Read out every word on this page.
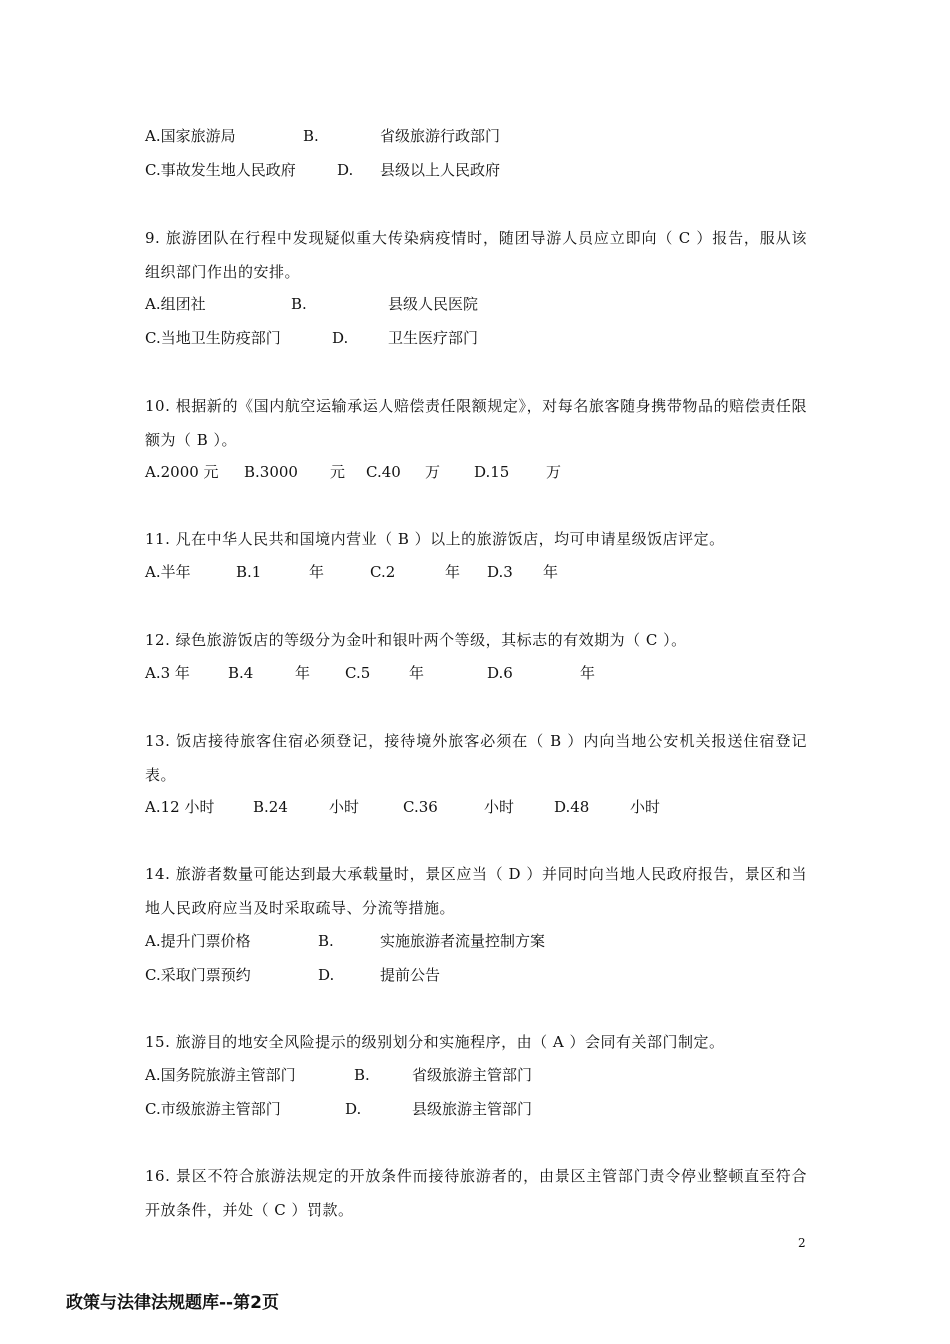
A.国家旅游局	B.	省级旅游行政部门
C.事故发生地人民政府	D. 县级以上人民政府
9. 旅游团队在行程中发现疑似重大传染病疫情时，随团导游人员应立即向（ C ）报告，服从该组织部门作出的安排。
A.组团社	B.	县级人民医院
C.当地卫生防疫部门	D.	卫生医疗部门
10. 根据新的《国内航空运输承运人赔偿责任限额规定》，对每名旅客随身携带物品的赔偿责任限额为（ B ）。
A.2000 元 B.3000 元 C.40 万 D.15 万
11. 凡在中华人民共和国境内营业（ B ）以上的旅游饭店，均可申请星级饭店评定。
A.半年	B.1	年	C.2	年 D.3 年
12. 绿色旅游饭店的等级分为金叶和银叶两个等级，其标志的有效期为（ C ）。
A.3 年	B.4	年 C.5	年	D.6	年
13. 饭店接待旅客住宿必须登记，接待境外旅客必须在（ B ）内向当地公安机关报送住宿登记表。
A.12 小时	B.24	小时	C.36	小时	D.48	小时
14. 旅游者数量可能达到最大承载量时，景区应当（ D ）并同时向当地人民政府报告，景区和当地人民政府应当及时采取疏导、分流等措施。
A.提升门票价格	B.	实施旅游者流量控制方案
C.采取门票预约	D.	提前公告
15. 旅游目的地安全风险提示的级别划分和实施程序，由（ A ）会同有关部门制定。
A.国务院旅游主管部门	B.	省级旅游主管部门
C.市级旅游主管部门	D.	县级旅游主管部门
16. 景区不符合旅游法规定的开放条件而接待旅游者的，由景区主管部门责令停业整顿直至符合开放条件，并处（ C ）罚款。
2
政策与法律法规题库--第2页
